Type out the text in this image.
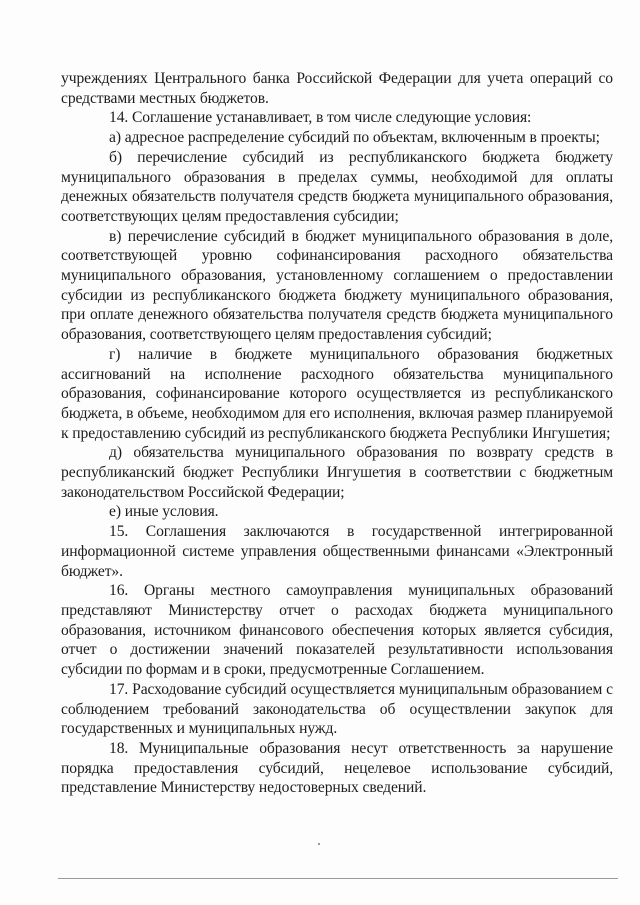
учреждениях Центрального банка Российской Федерации для учета операций со средствами местных бюджетов.

14. Соглашение устанавливает, в том числе следующие условия:

а) адресное распределение субсидий по объектам, включенным в проекты;

б) перечисление субсидий из республиканского бюджета бюджету муниципального образования в пределах суммы, необходимой для оплаты денежных обязательств получателя средств бюджета муниципального образования, соответствующих целям предоставления субсидии;

в) перечисление субсидий в бюджет муниципального образования в доле, соответствующей уровню софинансирования расходного обязательства муниципального образования, установленному соглашением о предоставлении субсидии из республиканского бюджета бюджету муниципального образования, при оплате денежного обязательства получателя средств бюджета муниципального образования, соответствующего целям предоставления субсидий;

г) наличие в бюджете муниципального образования бюджетных ассигнований на исполнение расходного обязательства муниципального образования, софинансирование которого осуществляется из республиканского бюджета, в объеме, необходимом для его исполнения, включая размер планируемой к предоставлению субсидий из республиканского бюджета Республики Ингушетия;

д) обязательства муниципального образования по возврату средств в республиканский бюджет Республики Ингушетия в соответствии с бюджетным законодательством Российской Федерации;

е) иные условия.

15. Соглашения заключаются в государственной интегрированной информационной системе управления общественными финансами «Электронный бюджет».

16. Органы местного самоуправления муниципальных образований представляют Министерству отчет о расходах бюджета муниципального образования, источником финансового обеспечения которых является субсидия, отчет о достижении значений показателей результативности использования субсидии по формам и в сроки, предусмотренные Соглашением.

17. Расходование субсидий осуществляется муниципальным образованием с соблюдением требований законодательства об осуществлении закупок для государственных и муниципальных нужд.

18. Муниципальные образования несут ответственность за нарушение порядка предоставления субсидий, нецелевое использование субсидий, представление Министерству недостоверных сведений.
